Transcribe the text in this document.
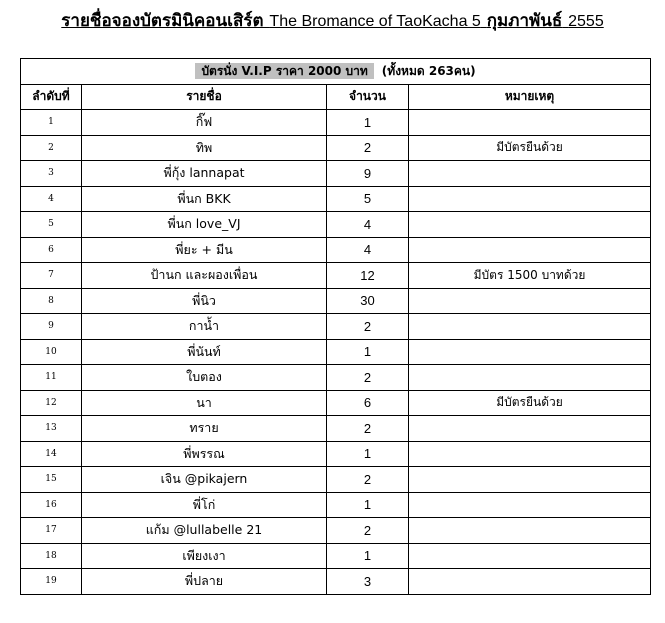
รายชื่อจองบัตรมินิคอนเสิร์ต The Bromance of TaoKacha 5 กุมภาพันธ์ 2555
บัตรนั่ง V.I.P ราคา 2000 บาท (ทั้งหมด 263คน)			
ลำดับที่	รายชื่อ	จำนวน	หมายเหตุ
1	กิ๊ฟ	1	
2	ทิพ	2	มีบัตรยืนด้วย
3	พี่กุ้ง lannapat	9	
4	พี่นก BKK	5	
5	พี่นก love_VJ	4	
6	พี่ยะ + มีน	4	
7	ป้านก และผองเพื่อน	12	มีบัตร 1500 บาทด้วย
8	พี่นิว	30	
9	กาน้ำ	2	
10	พี่นันท์	1	
11	ใบตอง	2	
12	นา	6	มีบัตรยืนด้วย
13	ทราย	2	
14	พี่พรรณ	1	
15	เจิน @pikajern	2	
16	พี่โก่	1	
17	แก้ม @lullabelle 21	2	
18	เพียงเงา	1	
19	พี่ปลาย	3	
